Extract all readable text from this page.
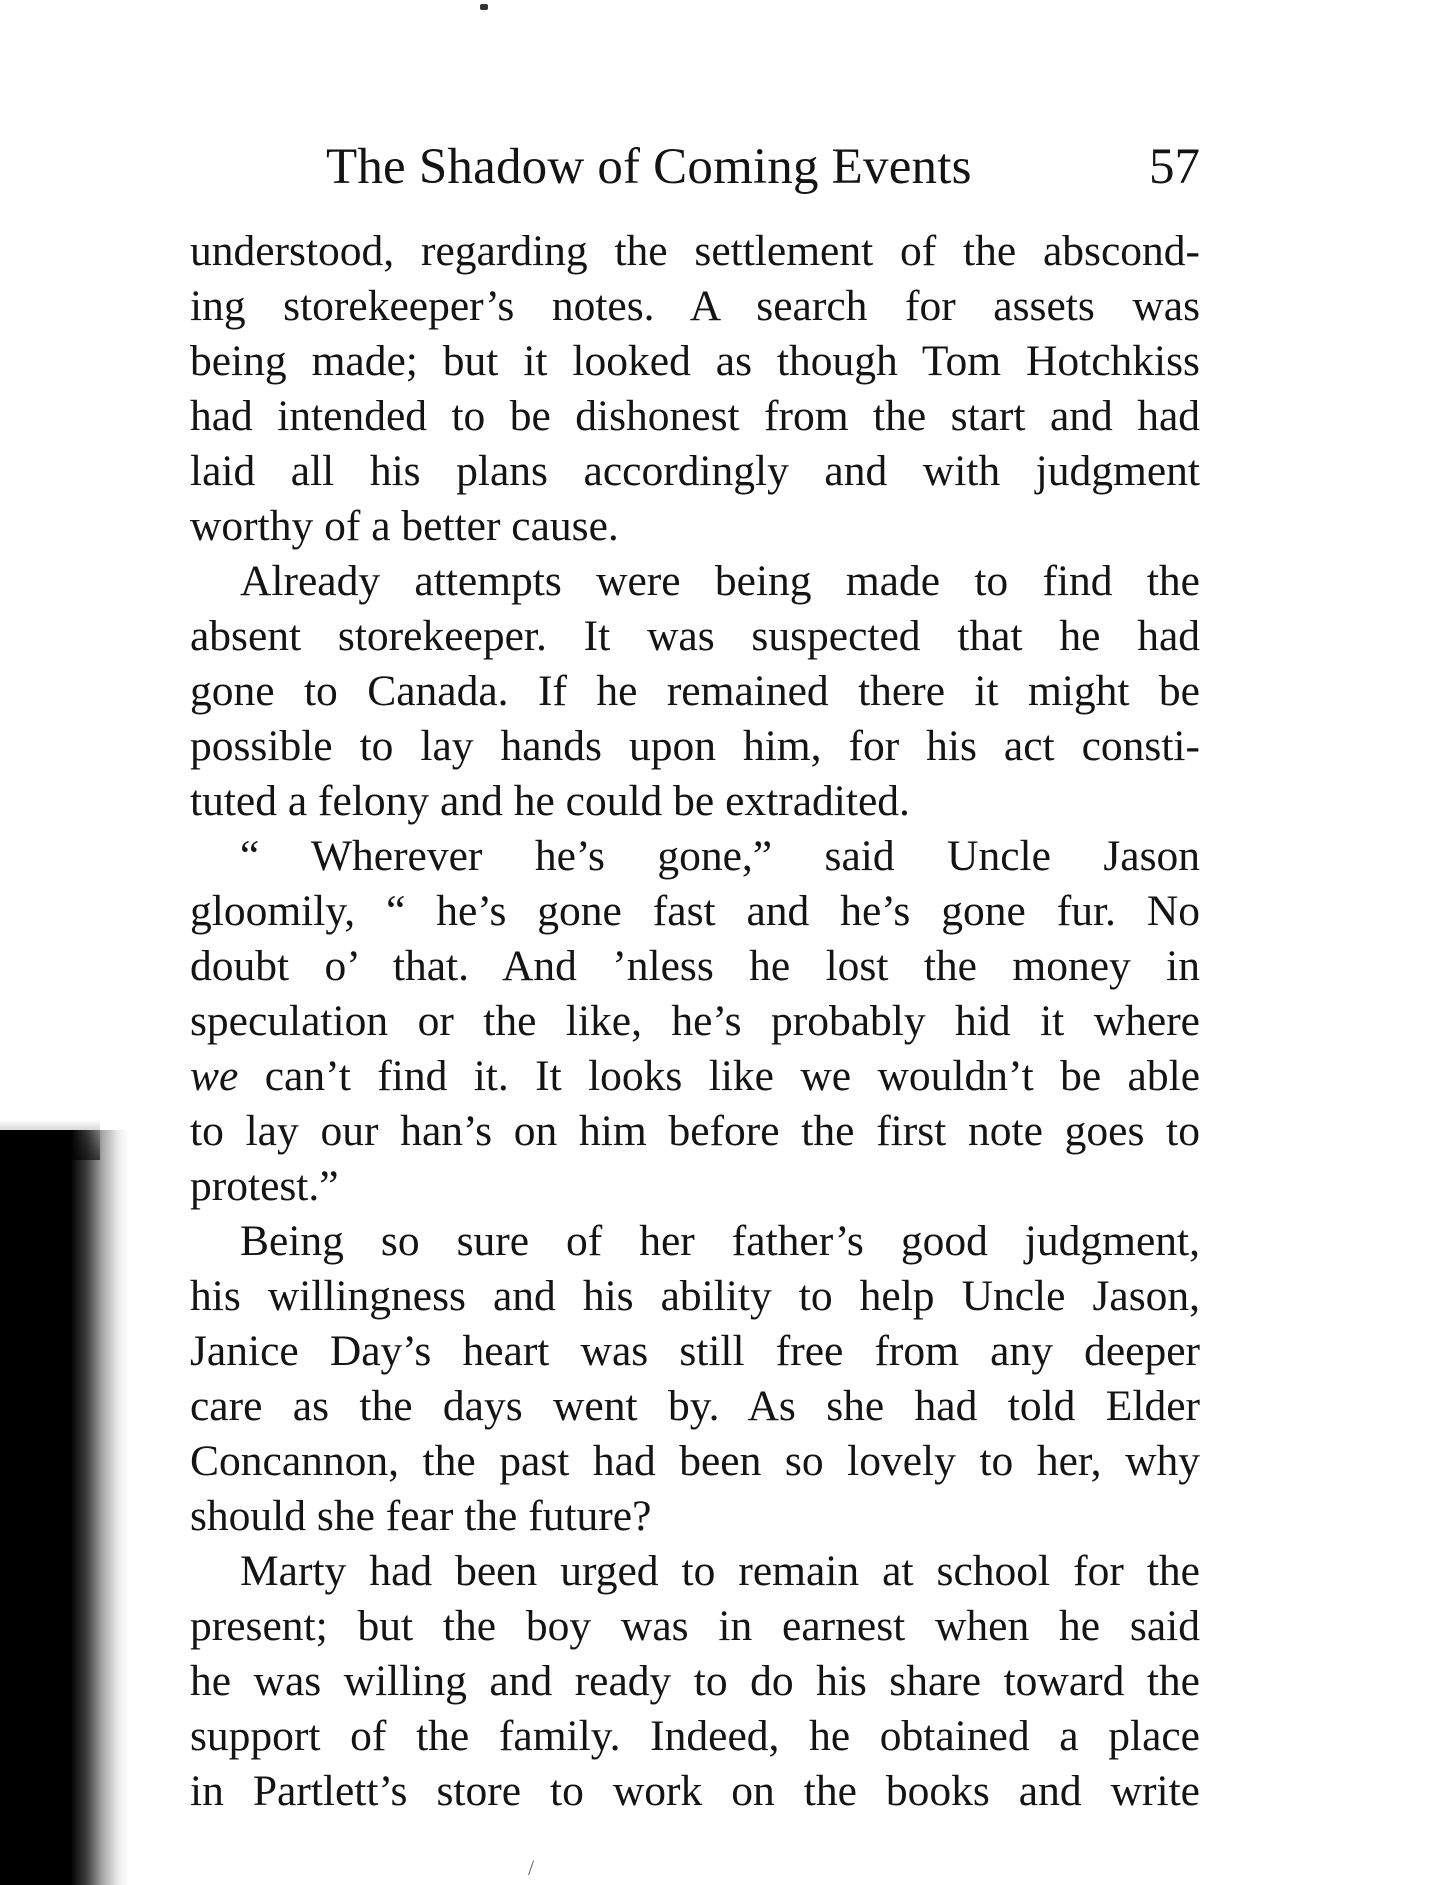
The Shadow of Coming Events	57
understood, regarding the settlement of the abscond-
ing storekeeper’s notes. A search for assets was
being made; but it looked as though Tom Hotchkiss
had intended to be dishonest from the start and had
laid all his plans accordingly and with judgment
worthy of a better cause.
Already attempts were being made to find the
absent storekeeper. It was suspected that he had
gone to Canada. If he remained there it might be
possible to lay hands upon him, for his act consti-
tuted a felony and he could be extradited.
“ Wherever he’s gone,” said Uncle Jason
gloomily, “ he’s gone fast and he’s gone fur. No
doubt o’ that. And ’nless he lost the money in
speculation or the like, he’s probably hid it where
we can’t find it. It looks like we wouldn’t be able
to lay our han’s on him before the first note goes to
protest.”
Being so sure of her father’s good judgment,
his willingness and his ability to help Uncle Jason,
Janice Day’s heart was still free from any deeper
care as the days went by. As she had told Elder
Concannon, the past had been so lovely to her, why
should she fear the future?
Marty had been urged to remain at school for the
present; but the boy was in earnest when he said
he was willing and ready to do his share toward the
support of the family. Indeed, he obtained a place
in Partlett’s store to work on the books and write
/
